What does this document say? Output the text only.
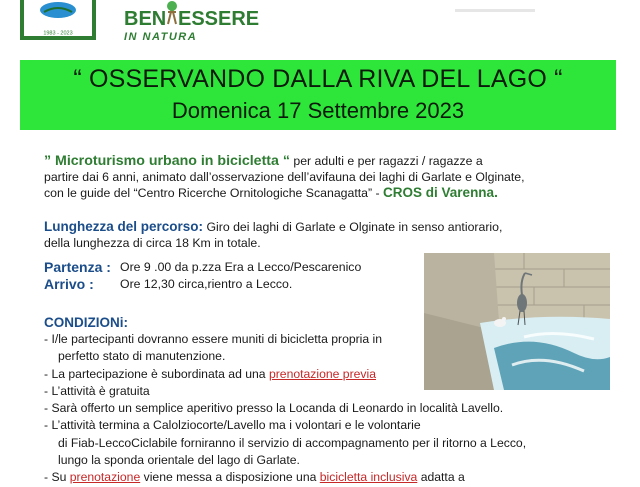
1983 - 2023
BEN ESSERE
IN NATURA
“ OSSERVANDO DALLA RIVA DEL LAGO “
Domenica 17 Settembre 2023
” Microturismo urbano in bicicletta “ per adulti e per ragazzi / ragazze a
partire dai 6 anni, animato dall’osservazione dell’avifauna dei laghi di Garlate e Olginate,
con le guide del “Centro Ricerche Ornitologiche Scanagatta” - CROS di Varenna.
Lunghezza del percorso: Giro dei laghi di Garlate e Olginate in senso antiorario,
della lunghezza di circa 18 Km in totale.
Partenza : Ore 9 .00 da p.zza Era a Lecco/Pescarenico
Arrivo :	Ore 12,30 circa,rientro a Lecco.
CONDIZIONi:
- I/le partecipanti dovranno essere muniti di bicicletta propria in
perfetto stato di manutenzione.
- La partecipazione è subordinata ad una prenotazione previa
- L’attività è gratuita
- Sarà offerto un semplice aperitivo presso la Locanda di Leonardo in località Lavello.
- L’attività termina a Calolziocorte/Lavello ma i volontari e le volontarie
di Fiab-LeccoCiclabile forniranno il servizio di accompagnamento per il ritorno a Lecco,
lungo la sponda orientale del lago di Garlate.
- Su prenotazione viene messa a disposizione una bicicletta inclusiva adatta a
